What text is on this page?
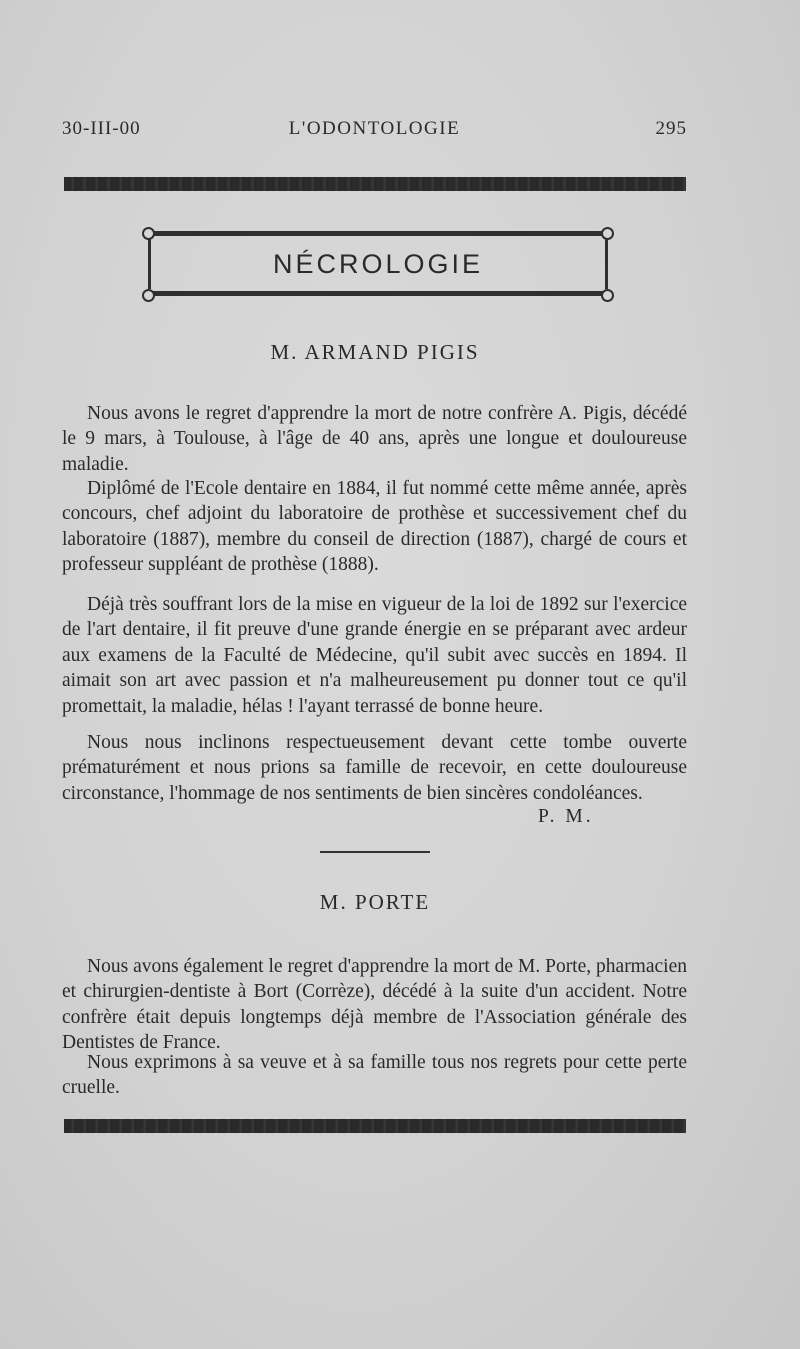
30-III-00	L'ODONTOLOGIE	295
NÉCROLOGIE
M. ARMAND PIGIS

Nous avons le regret d'apprendre la mort de notre confrère A. Pigis, décédé le 9 mars, à Toulouse, à l'âge de 40 ans, après une longue et douloureuse maladie.

Diplômé de l'Ecole dentaire en 1884, il fut nommé cette même année, après concours, chef adjoint du laboratoire de prothèse et successivement chef du laboratoire (1887), membre du conseil de direction (1887), chargé de cours et professeur suppléant de prothèse (1888).

Déjà très souffrant lors de la mise en vigueur de la loi de 1892 sur l'exercice de l'art dentaire, il fit preuve d'une grande énergie en se préparant avec ardeur aux examens de la Faculté de Médecine, qu'il subit avec succès en 1894. Il aimait son art avec passion et n'a malheureusement pu donner tout ce qu'il promettait, la maladie, hélas ! l'ayant terrassé de bonne heure.

Nous nous inclinons respectueusement devant cette tombe ouverte prématurément et nous prions sa famille de recevoir, en cette douloureuse circonstance, l'hommage de nos sentiments de bien sincères condoléances.

P. M.
M. PORTE

Nous avons également le regret d'apprendre la mort de M. Porte, pharmacien et chirurgien-dentiste à Bort (Corrèze), décédé à la suite d'un accident. Notre confrère était depuis longtemps déjà membre de l'Association générale des Dentistes de France.

Nous exprimons à sa veuve et à sa famille tous nos regrets pour cette perte cruelle.
